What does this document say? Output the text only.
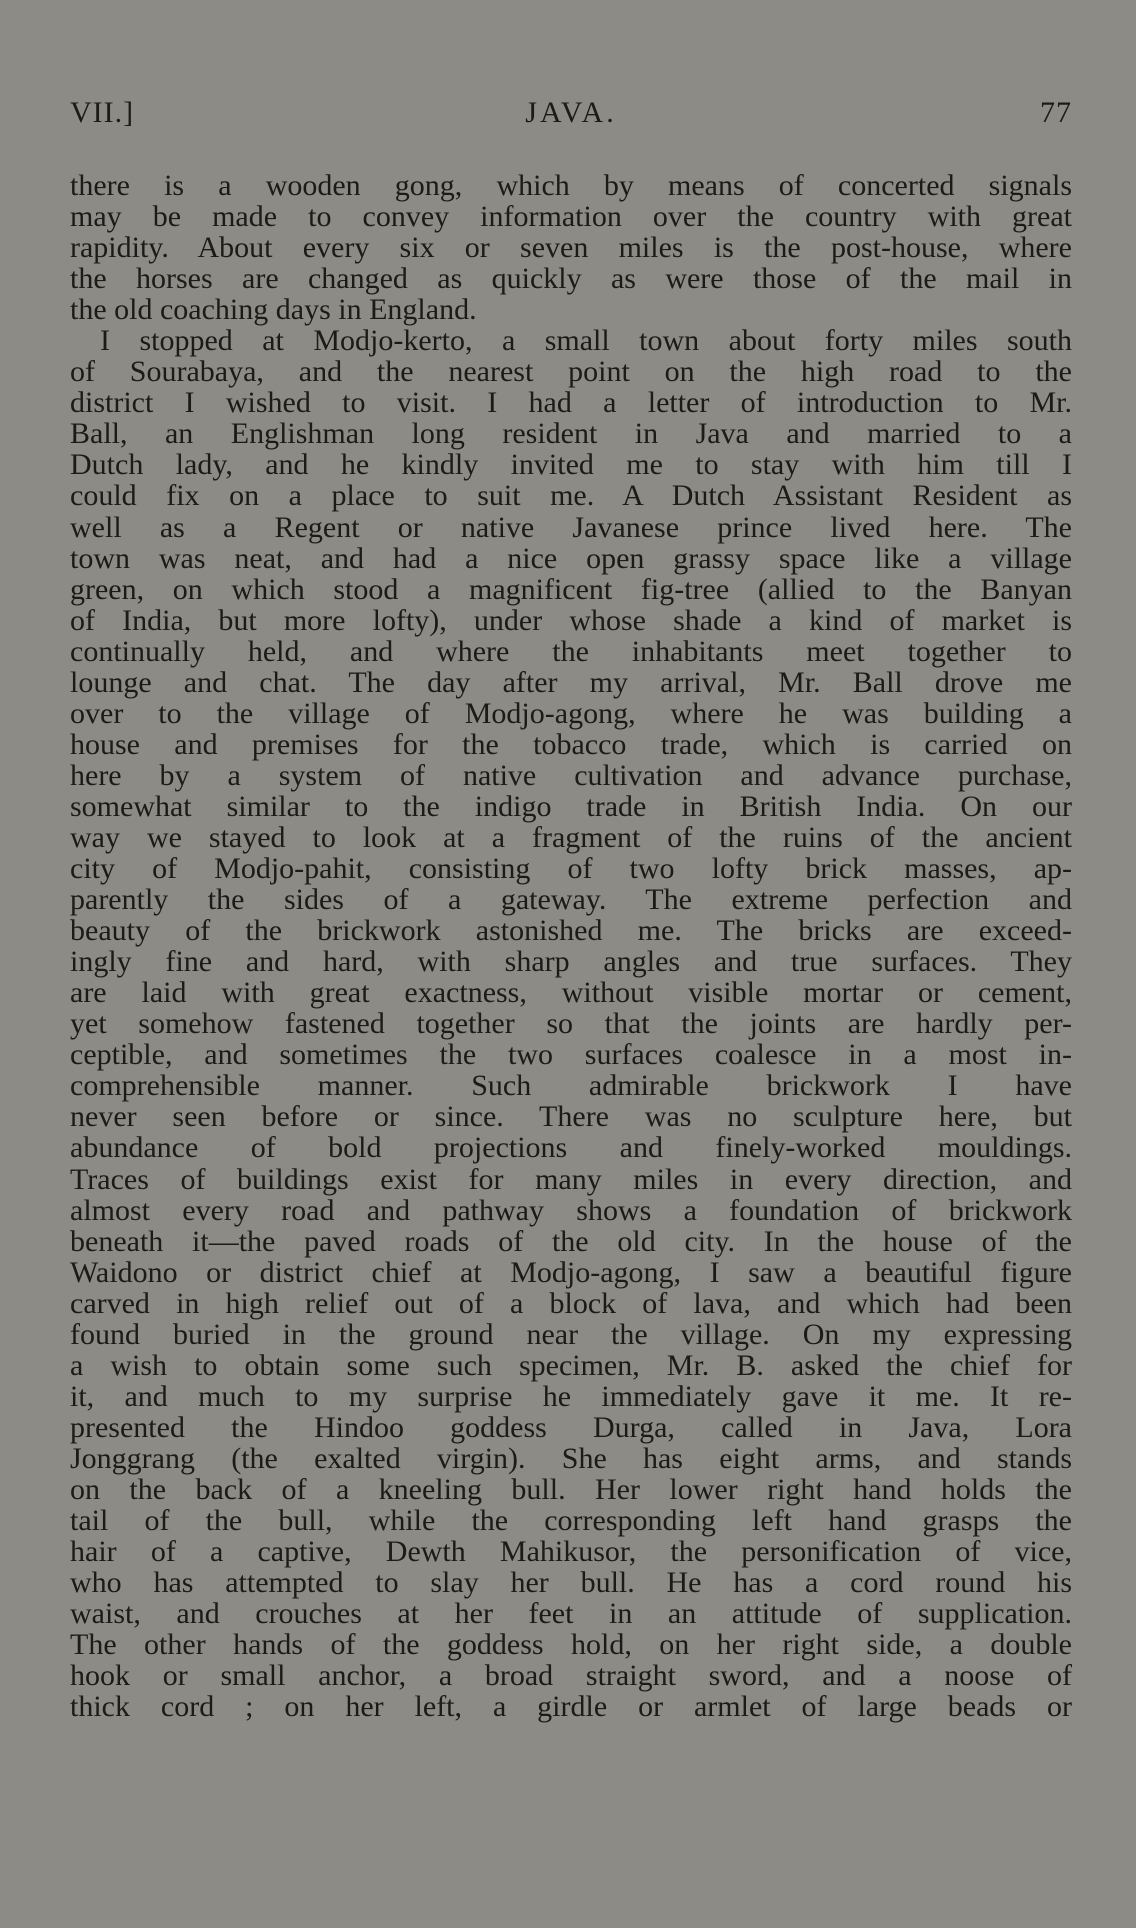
VII.]	JAVA.	77
there is a wooden gong, which by means of concerted signals
may be made to convey information over the country with great
rapidity. About every six or seven miles is the post-house, where
the horses are changed as quickly as were those of the mail in
the old coaching days in England.
I stopped at Modjo-kerto, a small town about forty miles south
of Sourabaya, and the nearest point on the high road to the
district I wished to visit. I had a letter of introduction to Mr.
Ball, an Englishman long resident in Java and married to a
Dutch lady, and he kindly invited me to stay with him till I
could fix on a place to suit me. A Dutch Assistant Resident as
well as a Regent or native Javanese prince lived here. The
town was neat, and had a nice open grassy space like a village
green, on which stood a magnificent fig-tree (allied to the Banyan
of India, but more lofty), under whose shade a kind of market is
continually held, and where the inhabitants meet together to
lounge and chat. The day after my arrival, Mr. Ball drove me
over to the village of Modjo-agong, where he was building a
house and premises for the tobacco trade, which is carried on
here by a system of native cultivation and advance purchase,
somewhat similar to the indigo trade in British India. On our
way we stayed to look at a fragment of the ruins of the ancient
city of Modjo-pahit, consisting of two lofty brick masses, ap-
parently the sides of a gateway. The extreme perfection and
beauty of the brickwork astonished me. The bricks are exceed-
ingly fine and hard, with sharp angles and true surfaces. They
are laid with great exactness, without visible mortar or cement,
yet somehow fastened together so that the joints are hardly per-
ceptible, and sometimes the two surfaces coalesce in a most in-
comprehensible manner. Such admirable brickwork I have
never seen before or since. There was no sculpture here, but
abundance of bold projections and finely-worked mouldings.
Traces of buildings exist for many miles in every direction, and
almost every road and pathway shows a foundation of brickwork
beneath it—the paved roads of the old city. In the house of the
Waidono or district chief at Modjo-agong, I saw a beautiful figure
carved in high relief out of a block of lava, and which had been
found buried in the ground near the village. On my expressing
a wish to obtain some such specimen, Mr. B. asked the chief for
it, and much to my surprise he immediately gave it me. It re-
presented the Hindoo goddess Durga, called in Java, Lora
Jonggrang (the exalted virgin). She has eight arms, and stands
on the back of a kneeling bull. Her lower right hand holds the
tail of the bull, while the corresponding left hand grasps the
hair of a captive, Dewth Mahikusor, the personification of vice,
who has attempted to slay her bull. He has a cord round his
waist, and crouches at her feet in an attitude of supplication.
The other hands of the goddess hold, on her right side, a double
hook or small anchor, a broad straight sword, and a noose of
thick cord ; on her left, a girdle or armlet of large beads or
